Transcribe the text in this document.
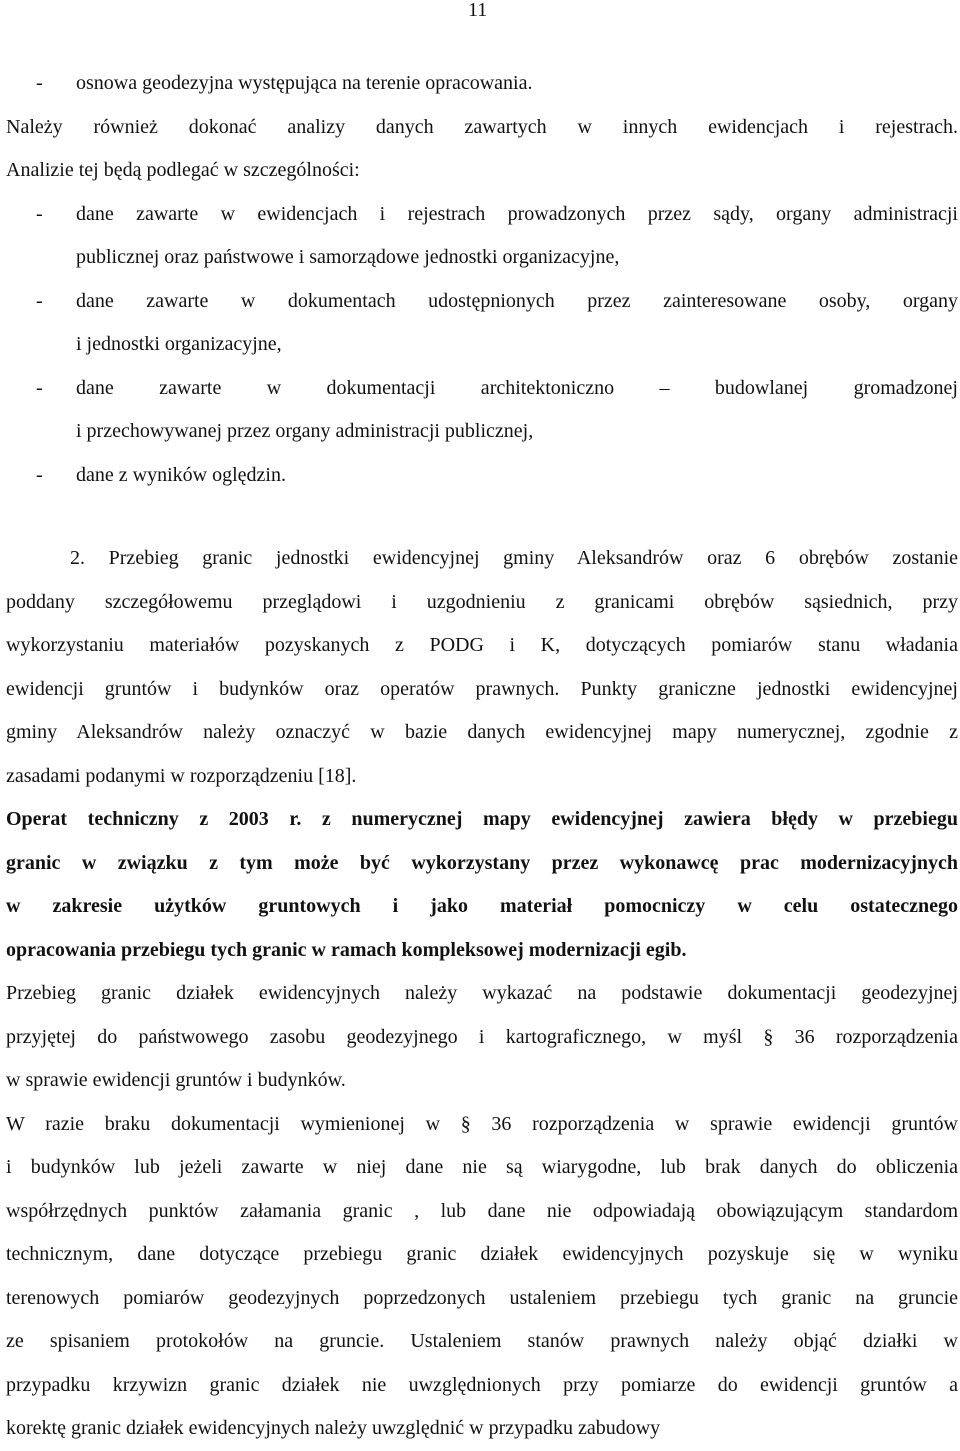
11
- osnowa geodezyjna występująca na terenie opracowania.
Należy również dokonać analizy danych zawartych w innych ewidencjach i rejestrach.
Analizie tej będą podlegać w szczególności:
- dane zawarte w ewidencjach i rejestrach prowadzonych przez sądy, organy administracji
publicznej oraz państwowe i samorządowe jednostki organizacyjne,
- dane zawarte w dokumentach udostępnionych przez zainteresowane osoby, organy
i jednostki organizacyjne,
- dane zawarte w dokumentacji architektoniczno – budowlanej gromadzonej
i przechowywanej przez organy administracji publicznej,
- dane z wyników oględzin.
2. Przebieg granic jednostki ewidencyjnej gminy Aleksandrów oraz 6 obrębów zostanie
poddany szczegółowemu przeglądowi i uzgodnieniu z granicami obrębów sąsiednich, przy
wykorzystaniu materiałów pozyskanych z PODG i K, dotyczących pomiarów stanu władania
ewidencji gruntów i budynków oraz operatów prawnych. Punkty graniczne jednostki ewidencyjnej
gminy Aleksandrów należy oznaczyć w bazie danych ewidencyjnej mapy numerycznej, zgodnie z
zasadami podanymi w rozporządzeniu [18].
Operat techniczny z 2003 r. z numerycznej mapy ewidencyjnej zawiera błędy w przebiegu
granic w związku z tym może być wykorzystany przez wykonawcę prac modernizacyjnych
w zakresie użytków gruntowych i jako materiał pomocniczy w celu ostatecznego
opracowania przebiegu tych granic w ramach kompleksowej modernizacji egib.
Przebieg granic działek ewidencyjnych należy wykazać na podstawie dokumentacji geodezyjnej
przyjętej do państwowego zasobu geodezyjnego i kartograficznego, w myśl § 36 rozporządzenia
w sprawie ewidencji gruntów i budynków.
W razie braku dokumentacji wymienionej w § 36 rozporządzenia w sprawie ewidencji gruntów
i budynków lub jeżeli zawarte w niej dane nie są wiarygodne, lub brak danych do obliczenia
współrzędnych punktów załamania granic , lub dane nie odpowiadają obowiązującym standardom
technicznym, dane dotyczące przebiegu granic działek ewidencyjnych pozyskuje się w wyniku
terenowych pomiarów geodezyjnych poprzedzonych ustaleniem przebiegu tych granic na gruncie
ze spisaniem protokołów na gruncie. Ustaleniem stanów prawnych należy objąć działki w
przypadku krzywizn granic działek nie uwzględnionych przy pomiarze do ewidencji gruntów a
korektę granic działek ewidencyjnych należy uwzględnić w przypadku zabudowy
